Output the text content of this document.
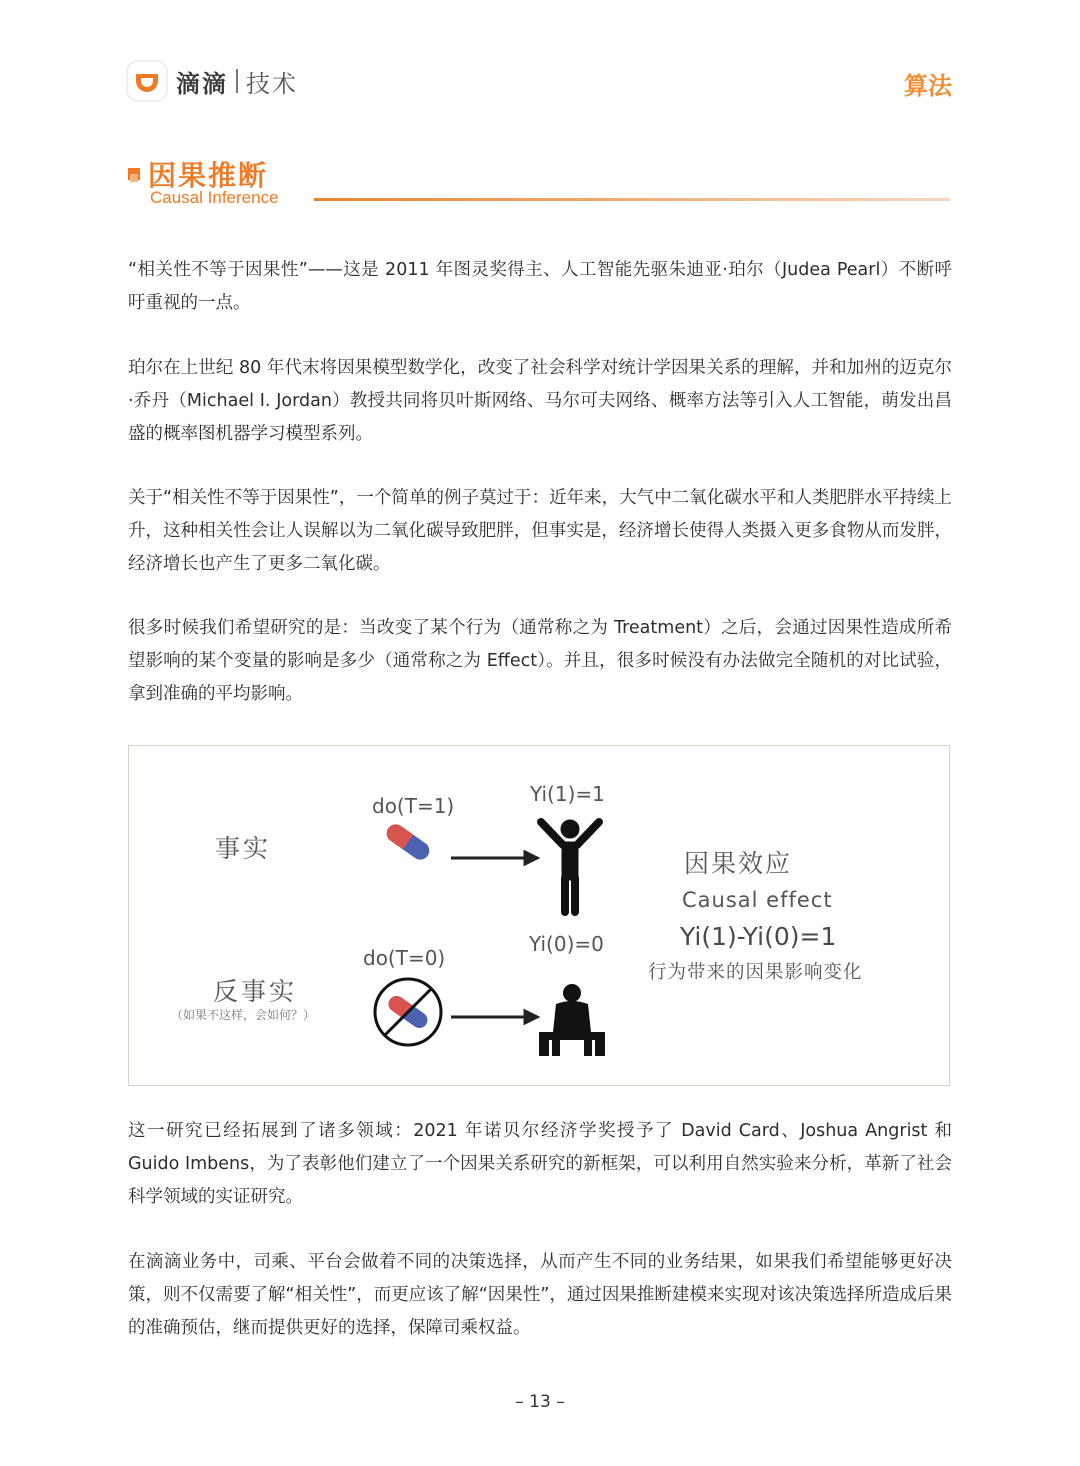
滴滴 技术	算法
因果推断
Causal Inference

“相关性不等于因果性”——这是 2011 年图灵奖得主、人工智能先驱朱迪亚·珀尔（Judea Pearl）不断呼吁重视的一点。

珀尔在上世纪 80 年代末将因果模型数学化，改变了社会科学对统计学因果关系的理解，并和加州的迈克尔·乔丹（Michael I. Jordan）教授共同将贝叶斯网络、马尔可夫网络、概率方法等引入人工智能，萌发出昌盛的概率图机器学习模型系列。

关于“相关性不等于因果性”，一个简单的例子莫过于：近年来，大气中二氧化碳水平和人类肥胖水平持续上升，这种相关性会让人误解以为二氧化碳导致肥胖，但事实是，经济增长使得人类摄入更多食物从而发胖，经济增长也产生了更多二氧化碳。

很多时候我们希望研究的是：当改变了某个行为（通常称之为 Treatment）之后，会通过因果性造成所希望影响的某个变量的影响是多少（通常称之为 Effect）。并且，很多时候没有办法做完全随机的对比试验，拿到准确的平均影响。

事实
反事实
（如果不这样，会如何？）
do(T=1)
do(T=0)
Yi(1)=1
Yi(0)=0
因果效应
Causal effect
Yi(1)-Yi(0)=1
行为带来的因果影响变化

这一研究已经拓展到了诸多领域：2021 年诺贝尔经济学奖授予了 David Card、Joshua Angrist 和 Guido Imbens，为了表彰他们建立了一个因果关系研究的新框架，可以利用自然实验来分析，革新了社会科学领域的实证研究。

在滴滴业务中，司乘、平台会做着不同的决策选择，从而产生不同的业务结果，如果我们希望能够更好决策，则不仅需要了解“相关性”，而更应该了解“因果性”，通过因果推断建模来实现对该决策选择所造成后果的准确预估，继而提供更好的选择，保障司乘权益。

– 13 –
